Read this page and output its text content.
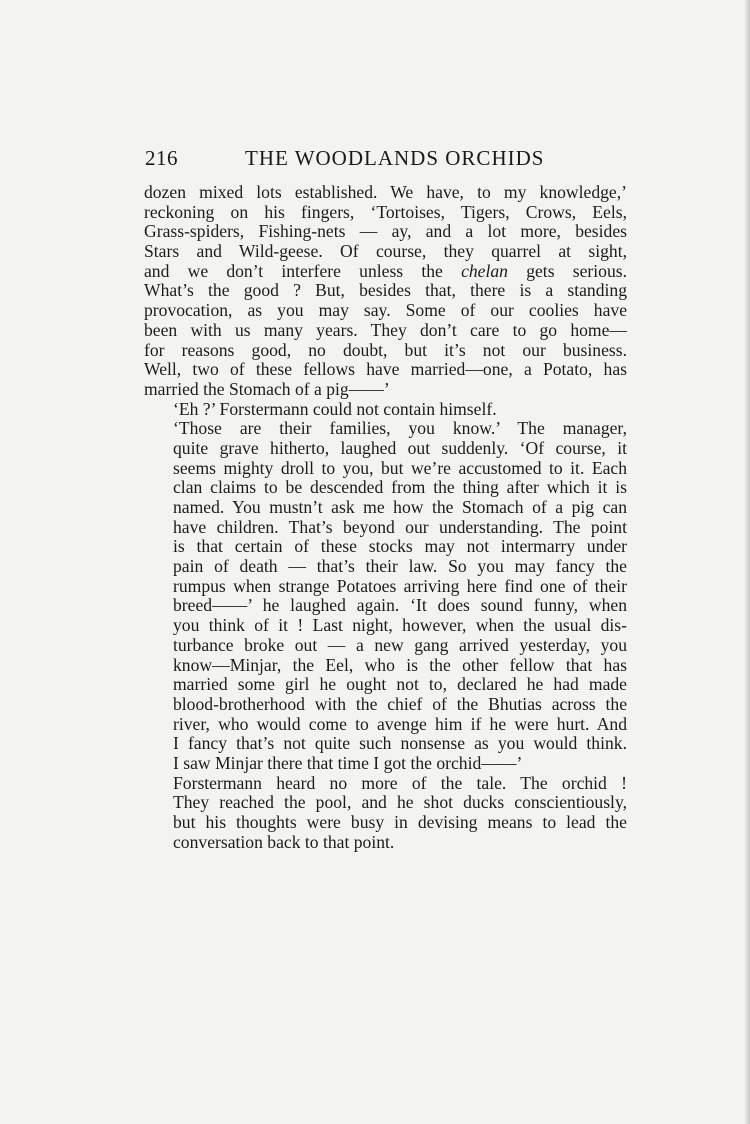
216	THE WOODLANDS ORCHIDS

dozen mixed lots established. We have, to my knowledge,’
reckoning on his fingers, ‘Tortoises, Tigers, Crows, Eels,
Grass-spiders, Fishing-nets — ay, and a lot more, besides
Stars and Wild-geese. Of course, they quarrel at sight,
and we don’t interfere unless the chelan gets serious.
What’s the good ? But, besides that, there is a standing
provocation, as you may say. Some of our coolies have
been with us many years. They don’t care to go home—
for reasons good, no doubt, but it’s not our business.
Well, two of these fellows have married—one, a Potato, has
married the Stomach of a pig——’

‘Eh ?’ Forstermann could not contain himself.

‘Those are their families, you know.’ The manager,
quite grave hitherto, laughed out suddenly. ‘Of course, it
seems mighty droll to you, but we’re accustomed to it. Each
clan claims to be descended from the thing after which it is
named. You mustn’t ask me how the Stomach of a pig can
have children. That’s beyond our understanding. The point
is that certain of these stocks may not intermarry under
pain of death — that’s their law. So you may fancy the
rumpus when strange Potatoes arriving here find one of their
breed——’ he laughed again. ‘It does sound funny, when
you think of it ! Last night, however, when the usual dis-
turbance broke out — a new gang arrived yesterday, you
know—Minjar, the Eel, who is the other fellow that has
married some girl he ought not to, declared he had made
blood-brotherhood with the chief of the Bhutias across the
river, who would come to avenge him if he were hurt. And
I fancy that’s not quite such nonsense as you would think.
I saw Minjar there that time I got the orchid——’

Forstermann heard no more of the tale. The orchid !
They reached the pool, and he shot ducks conscientiously,
but his thoughts were busy in devising means to lead the
conversation back to that point.
